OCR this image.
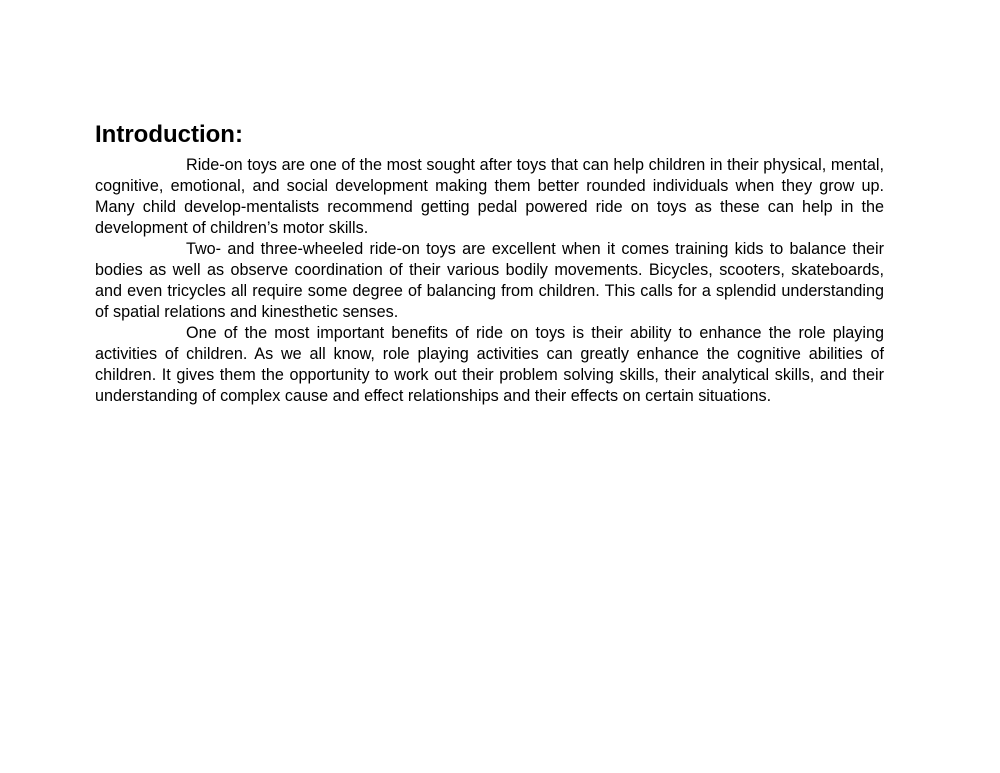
Introduction:

Ride-on toys are one of the most sought after toys that can help children in their physical, mental, cognitive, emotional, and social development making them better rounded individuals when they grow up. Many child develop-mentalists recommend getting pedal powered ride on toys as these can help in the development of children’s motor skills.

Two- and three-wheeled ride-on toys are excellent when it comes training kids to balance their bodies as well as observe coordination of their various bodily movements. Bicycles, scooters, skateboards, and even tricycles all require some degree of balancing from children. This calls for a splendid understanding of spatial relations and kinesthetic senses.

One of the most important benefits of ride on toys is their ability to enhance the role playing activities of children. As we all know, role playing activities can greatly enhance the cognitive abilities of children. It gives them the opportunity to work out their problem solving skills, their analytical skills, and their understanding of complex cause and effect relationships and their effects on certain situations.
